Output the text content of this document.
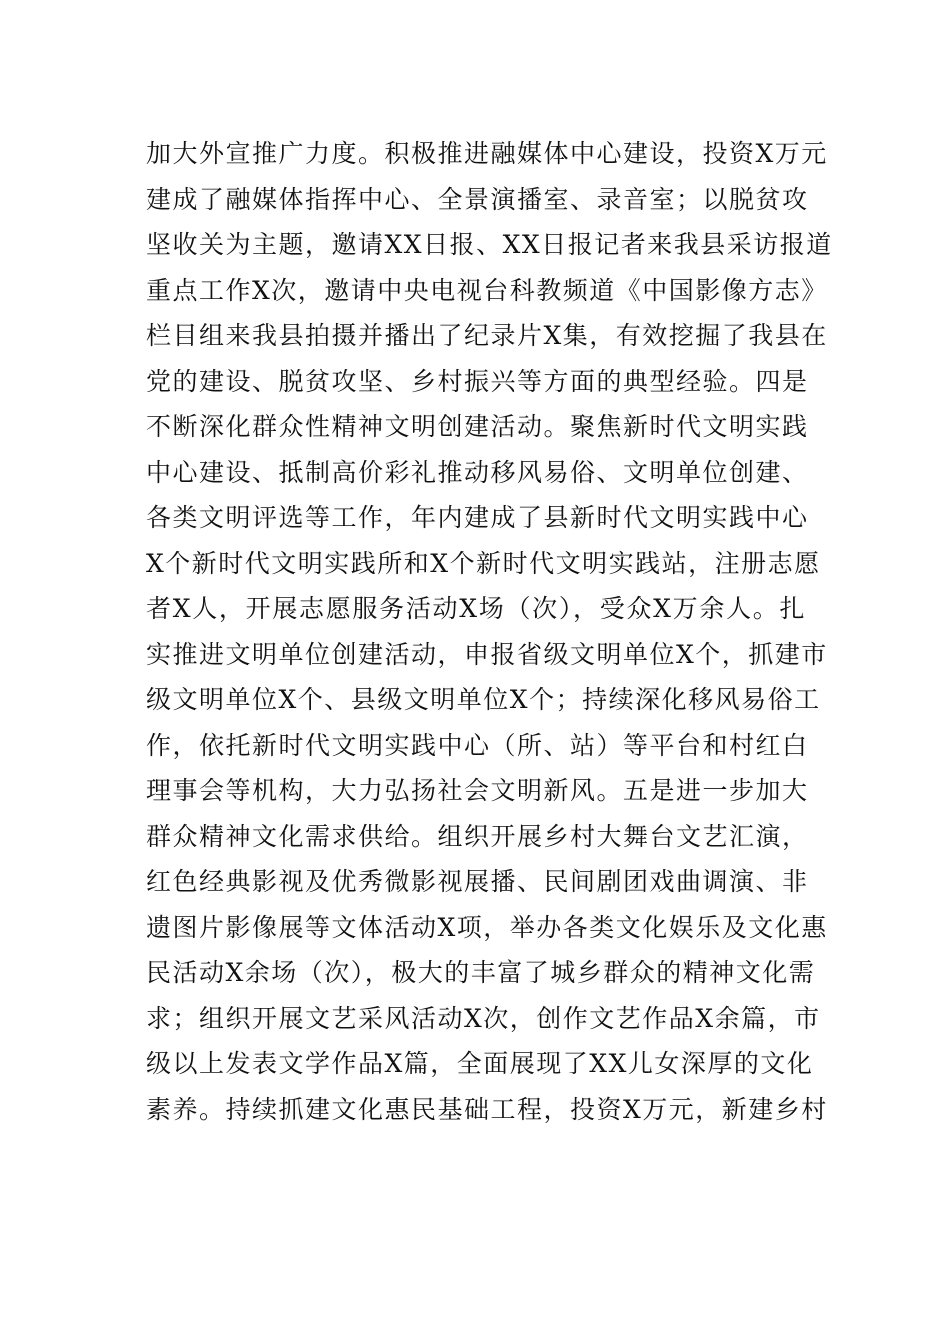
加大外宣推广力度。积极推进融媒体中心建设，投资X万元
建成了融媒体指挥中心、全景演播室、录音室；以脱贫攻
坚收关为主题，邀请XX日报、XX日报记者来我县采访报道
重点工作X次，邀请中央电视台科教频道《中国影像方志》
栏目组来我县拍摄并播出了纪录片X集，有效挖掘了我县在
党的建设、脱贫攻坚、乡村振兴等方面的典型经验。四是
不断深化群众性精神文明创建活动。聚焦新时代文明实践
中心建设、抵制高价彩礼推动移风易俗、文明单位创建、
各类文明评选等工作，年内建成了县新时代文明实践中心
X个新时代文明实践所和X个新时代文明实践站，注册志愿
者X人，开展志愿服务活动X场（次），受众X万余人。扎
实推进文明单位创建活动，申报省级文明单位X个，抓建市
级文明单位X个、县级文明单位X个；持续深化移风易俗工
作，依托新时代文明实践中心（所、站）等平台和村红白
理事会等机构，大力弘扬社会文明新风。五是进一步加大
群众精神文化需求供给。组织开展乡村大舞台文艺汇演，
红色经典影视及优秀微影视展播、民间剧团戏曲调演、非
遗图片影像展等文体活动X项，举办各类文化娱乐及文化惠
民活动X余场（次），极大的丰富了城乡群众的精神文化需
求；组织开展文艺采风活动X次，创作文艺作品X余篇，市
级以上发表文学作品X篇，全面展现了XX儿女深厚的文化
素养。持续抓建文化惠民基础工程，投资X万元，新建乡村
